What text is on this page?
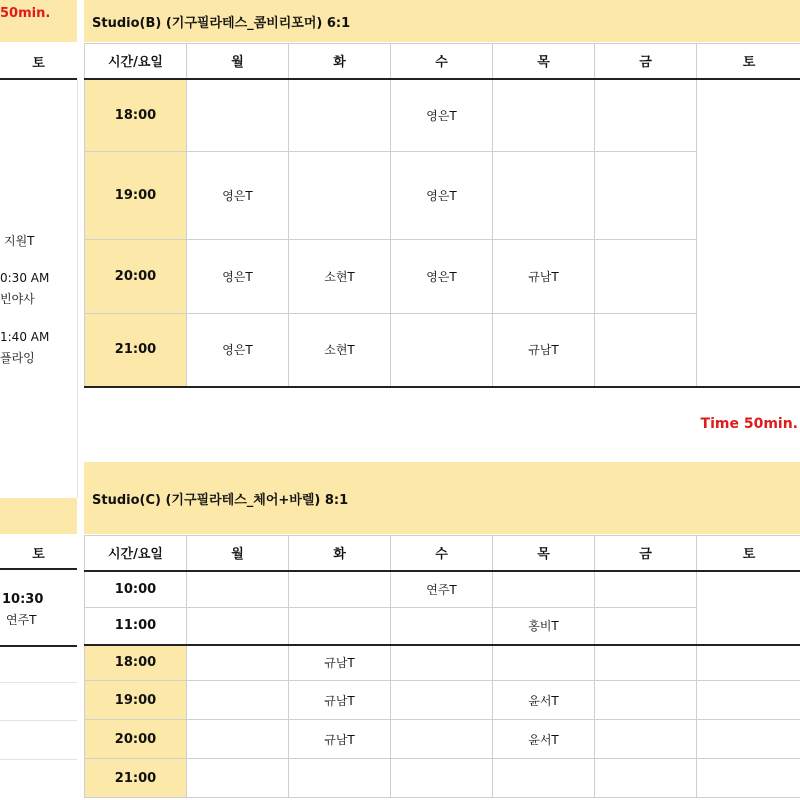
50min.
토
지원T
0:30 AM
빈야사
1:40 AM
플라잉
토
10:30
연주T
Studio(B) (기구필라테스_콤비리포머) 6:1
시간/요일	월	화	수	목	금	토
18:00			영은T			
19:00	영은T		영은T			
20:00	영은T	소현T	영은T	규남T		
21:00	영은T	소현T		규남T		
Time 50min.
Studio(C) (기구필라테스_체어+바렐) 8:1
시간/요일	월	화	수	목	금	토
10:00			연주T			
11:00				홍비T		
18:00		규남T				
19:00		규남T		윤서T		
20:00		규남T		윤서T		
21:00						
